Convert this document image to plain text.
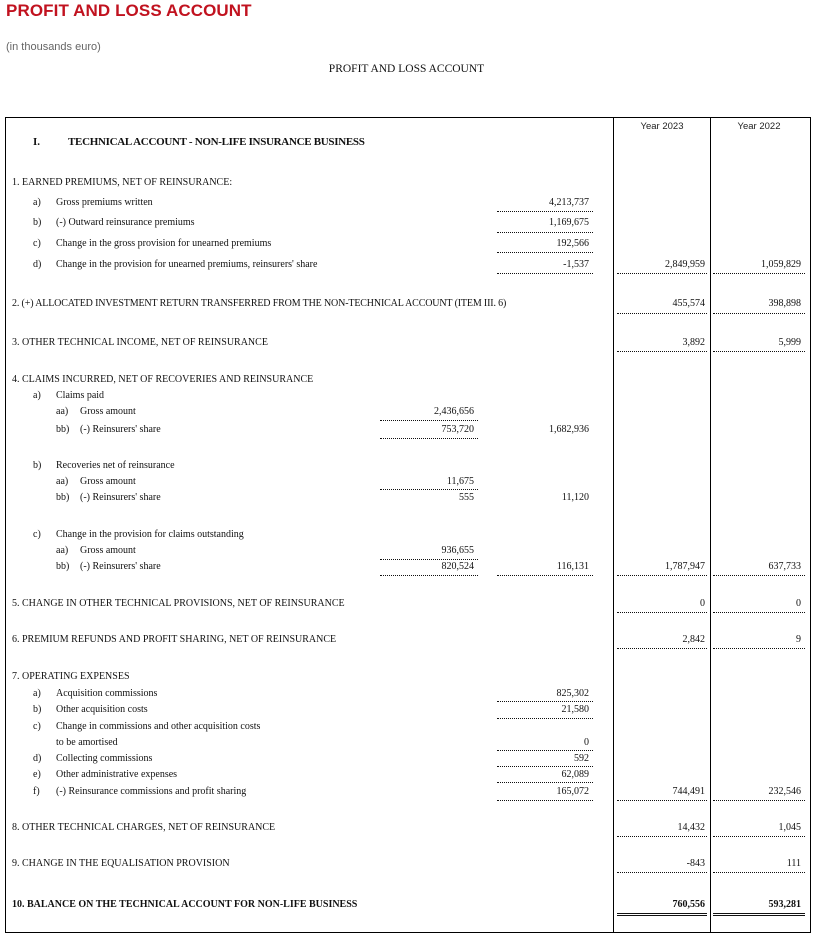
PROFIT AND LOSS ACCOUNT
(in thousands euro)
PROFIT AND LOSS ACCOUNT
Year 2023	Year 2022
I.	TECHNICAL ACCOUNT - NON-LIFE INSURANCE BUSINESS
1. EARNED PREMIUMS, NET OF REINSURANCE:
a) Gross premiums written	4,213,737
b) (-) Outward reinsurance premiums	1,169,675
c) Change in the gross provision for unearned premiums	192,566
d) Change in the provision for unearned premiums, reinsurers' share	-1,537	2,849,959	1,059,829
2. (+) ALLOCATED INVESTMENT RETURN TRANSFERRED FROM THE NON-TECHNICAL ACCOUNT (ITEM III. 6)	455,574	398,898
3. OTHER TECHNICAL INCOME, NET OF REINSURANCE	3,892	5,999
4. CLAIMS INCURRED, NET OF RECOVERIES AND REINSURANCE
a) Claims paid
aa) Gross amount	2,436,656
bb) (-) Reinsurers' share	753,720	1,682,936
b) Recoveries net of reinsurance
aa) Gross amount	11,675
bb) (-) Reinsurers' share	555	11,120
c) Change in the provision for claims outstanding
aa) Gross amount	936,655
bb) (-) Reinsurers' share	820,524	116,131	1,787,947	637,733
5. CHANGE IN OTHER TECHNICAL PROVISIONS, NET OF REINSURANCE	0	0
6. PREMIUM REFUNDS AND PROFIT SHARING, NET OF REINSURANCE	2,842	9
7. OPERATING EXPENSES
a) Acquisition commissions	825,302
b) Other acquisition costs	21,580
c) Change in commissions and other acquisition costs
to be amortised	0
d) Collecting commissions	592
e) Other administrative expenses	62,089
f) (-) Reinsurance commissions and profit sharing	165,072	744,491	232,546
8. OTHER TECHNICAL CHARGES, NET OF REINSURANCE	14,432	1,045
9. CHANGE IN THE EQUALISATION PROVISION	-843	111
10. BALANCE ON THE TECHNICAL ACCOUNT FOR NON-LIFE BUSINESS	760,556	593,281
